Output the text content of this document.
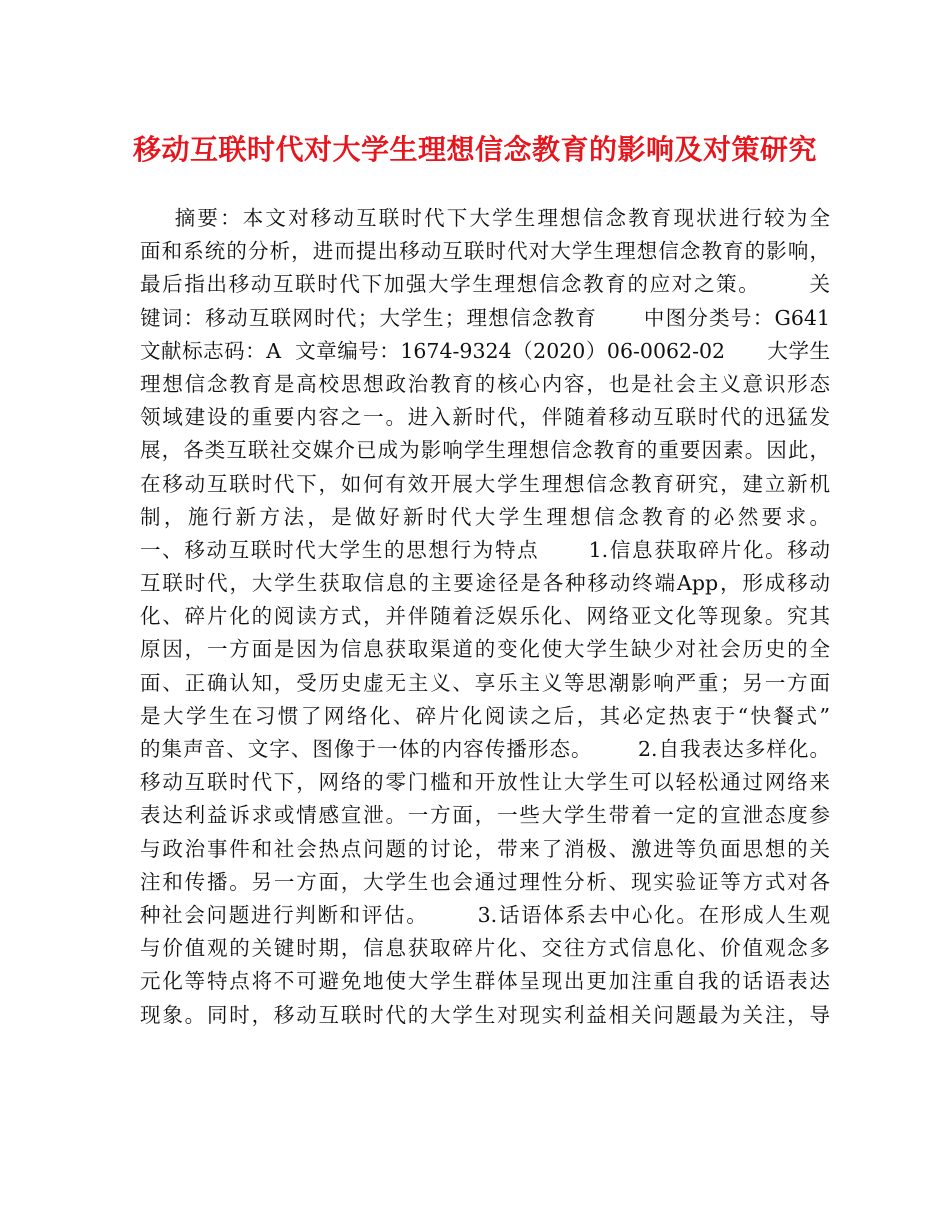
移动互联时代对大学生理想信念教育的影响及对策研究
摘要：本文对移动互联时代下大学生理想信念教育现状进行较为全
面和系统的分析，进而提出移动互联时代对大学生理想信念教育的影响，
最后指出移动互联时代下加强大学生理想信念教育的应对之策。      关
键词：移动互联网时代；大学生；理想信念教育      中图分类号：G641
文献标志码：A  文章编号：1674-9324（2020）06-0062-02      大学生
理想信念教育是高校思想政治教育的核心内容，也是社会主义意识形态
领域建设的重要内容之一。进入新时代，伴随着移动互联时代的迅猛发
展，各类互联社交媒介已成为影响学生理想信念教育的重要因素。因此，
在移动互联时代下，如何有效开展大学生理想信念教育研究，建立新机
制，施行新方法，是做好新时代大学生理想信念教育的必然要求。
一、移动互联时代大学生的思想行为特点      1.信息获取碎片化。移动
互联时代，大学生获取信息的主要途径是各种移动终端App，形成移动
化、碎片化的阅读方式，并伴随着泛娱乐化、网络亚文化等现象。究其
原因，一方面是因为信息获取渠道的变化使大学生缺少对社会历史的全
面、正确认知，受历史虚无主义、享乐主义等思潮影响严重；另一方面
是大学生在习惯了网络化、碎片化阅读之后，其必定热衷于“快餐式”
的集声音、文字、图像于一体的内容传播形态。      2.自我表达多样化。
移动互联时代下，网络的零门槛和开放性让大学生可以轻松通过网络来
表达利益诉求或情感宣泄。一方面，一些大学生带着一定的宣泄态度参
与政治事件和社会热点问题的讨论，带来了消极、激进等负面思想的关
注和传播。另一方面，大学生也会通过理性分析、现实验证等方式对各
种社会问题进行判断和评估。      3.话语体系去中心化。在形成人生观
与价值观的关键时期，信息获取碎片化、交往方式信息化、价值观念多
元化等特点将不可避免地使大学生群体呈现出更加注重自我的话语表达
现象。同时，移动互联时代的大学生对现实利益相关问题最为关注，导
